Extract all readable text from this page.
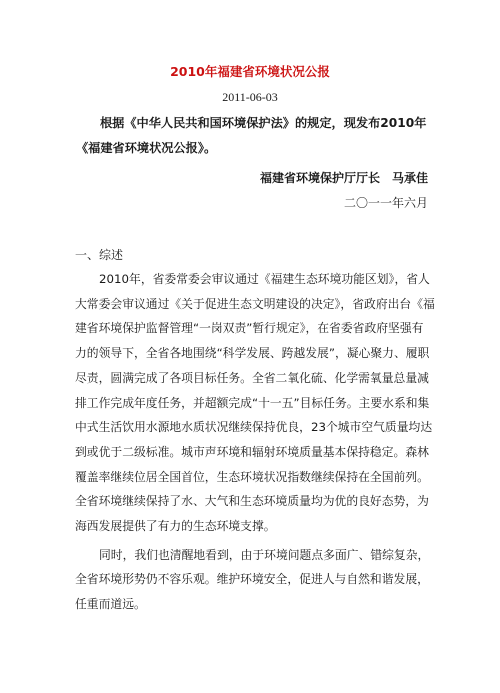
2010年福建省环境状况公报
2011-06-03
根据《中华人民共和国环境保护法》的规定，现发布2010年《福建省环境状况公报》。
福建省环境保护厅厅长　马承佳
二〇一一年六月
一、综述

2010年，省委常委会审议通过《福建生态环境功能区划》，省人大常委会审议通过《关于促进生态文明建设的决定》，省政府出台《福建省环境保护监督管理“一岗双责”暂行规定》，在省委省政府坚强有力的领导下，全省各地围绕“科学发展、跨越发展”，凝心聚力、履职尽责，圆满完成了各项目标任务。全省二氧化硫、化学需氧量总量减排工作完成年度任务，并超额完成“十一五”目标任务。主要水系和集中式生活饮用水源地水质状况继续保持优良，23个城市空气质量均达到或优于二级标准。城市声环境和辐射环境质量基本保持稳定。森林覆盖率继续位居全国首位，生态环境状况指数继续保持在全国前列。全省环境继续保持了水、大气和生态环境质量均为优的良好态势，为海西发展提供了有力的生态环境支撑。

同时，我们也清醒地看到，由于环境问题点多面广、错综复杂，全省环境形势仍不容乐观。维护环境安全，促进人与自然和谐发展，任重而道远。
